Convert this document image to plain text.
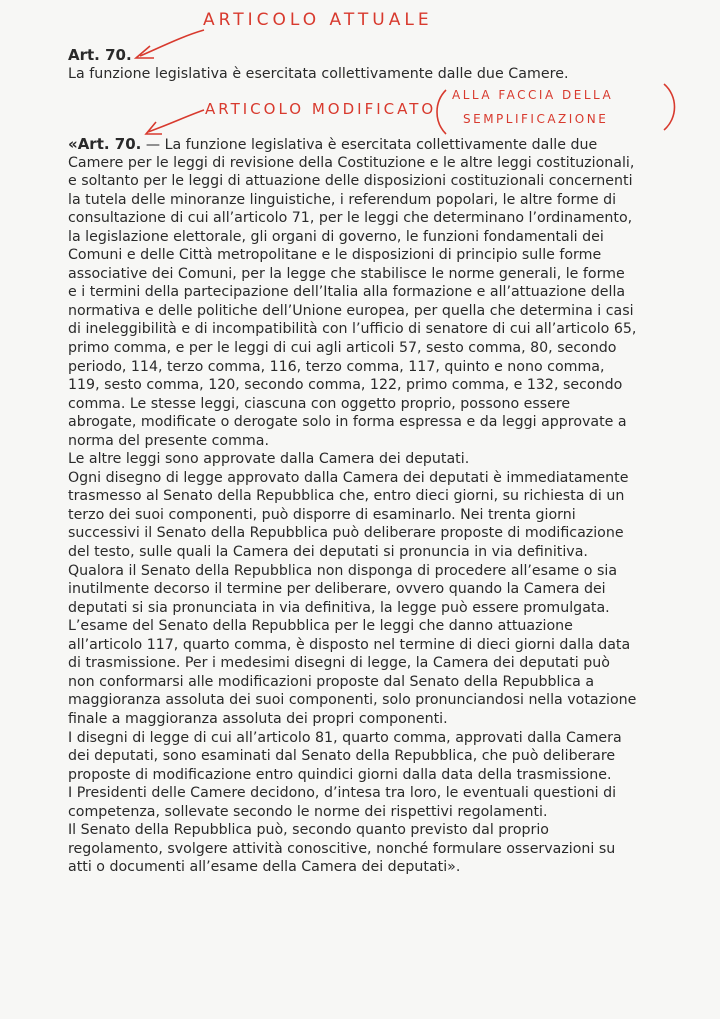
ARTICOLO ATTUALE
Art. 70.
La funzione legislativa è esercitata collettivamente dalle due Camere.
ARTICOLO MODIFICATO
ALLA FACCIA DELLA
SEMPLIFICAZIONE
«Art. 70. — La funzione legislativa è esercitata collettivamente dalle due
Camere per le leggi di revisione della Costituzione e le altre leggi costituzionali,
e soltanto per le leggi di attuazione delle disposizioni costituzionali concernenti
la tutela delle minoranze linguistiche, i referendum popolari, le altre forme di
consultazione di cui all’articolo 71, per le leggi che determinano l’ordinamento,
la legislazione elettorale, gli organi di governo, le funzioni fondamentali dei
Comuni e delle Città metropolitane e le disposizioni di principio sulle forme
associative dei Comuni, per la legge che stabilisce le norme generali, le forme
e i termini della partecipazione dell’Italia alla formazione e all’attuazione della
normativa e delle politiche dell’Unione europea, per quella che determina i casi
di ineleggibilità e di incompatibilità con l’ufficio di senatore di cui all’articolo 65,
primo comma, e per le leggi di cui agli articoli 57, sesto comma, 80, secondo
periodo, 114, terzo comma, 116, terzo comma, 117, quinto e nono comma,
119, sesto comma, 120, secondo comma, 122, primo comma, e 132, secondo
comma. Le stesse leggi, ciascuna con oggetto proprio, possono essere
abrogate, modificate o derogate solo in forma espressa e da leggi approvate a
norma del presente comma.
Le altre leggi sono approvate dalla Camera dei deputati.
Ogni disegno di legge approvato dalla Camera dei deputati è immediatamente
trasmesso al Senato della Repubblica che, entro dieci giorni, su richiesta di un
terzo dei suoi componenti, può disporre di esaminarlo. Nei trenta giorni
successivi il Senato della Repubblica può deliberare proposte di modificazione
del testo, sulle quali la Camera dei deputati si pronuncia in via definitiva.
Qualora il Senato della Repubblica non disponga di procedere all’esame o sia
inutilmente decorso il termine per deliberare, ovvero quando la Camera dei
deputati si sia pronunciata in via definitiva, la legge può essere promulgata.
L’esame del Senato della Repubblica per le leggi che danno attuazione
all’articolo 117, quarto comma, è disposto nel termine di dieci giorni dalla data
di trasmissione. Per i medesimi disegni di legge, la Camera dei deputati può
non conformarsi alle modificazioni proposte dal Senato della Repubblica a
maggioranza assoluta dei suoi componenti, solo pronunciandosi nella votazione
finale a maggioranza assoluta dei propri componenti.
I disegni di legge di cui all’articolo 81, quarto comma, approvati dalla Camera
dei deputati, sono esaminati dal Senato della Repubblica, che può deliberare
proposte di modificazione entro quindici giorni dalla data della trasmissione.
I Presidenti delle Camere decidono, d’intesa tra loro, le eventuali questioni di
competenza, sollevate secondo le norme dei rispettivi regolamenti.
Il Senato della Repubblica può, secondo quanto previsto dal proprio
regolamento, svolgere attività conoscitive, nonché formulare osservazioni su
atti o documenti all’esame della Camera dei deputati».
